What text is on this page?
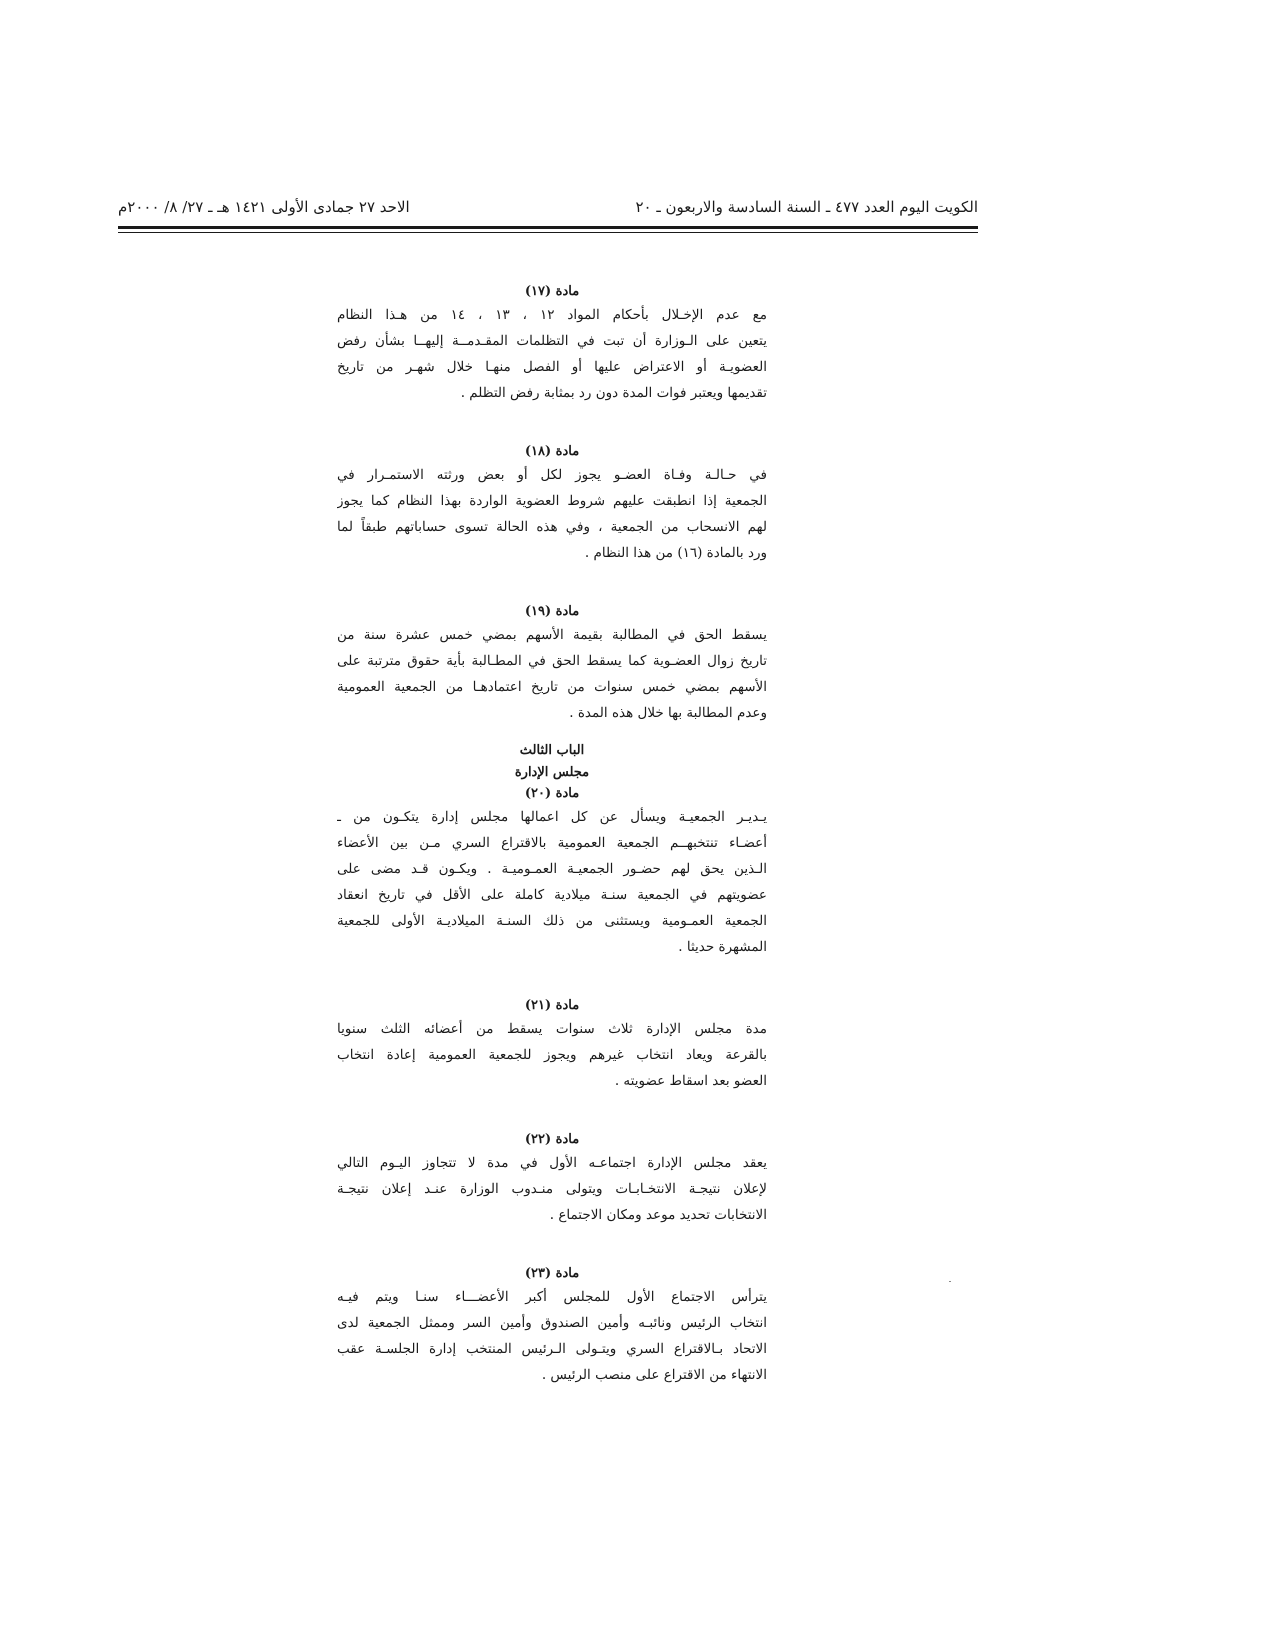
الكويت اليوم العدد ٤٧٧ ـ السنة السادسة والاربعون ـ ٢٠
الاحد ٢٧ جمادى الأولى ١٤٢١ هـ ـ ٢٧/ ٨/ ٢٠٠٠م

مادة (١٧)

مع عدم الإخـلال بأحكام المواد ١٢ ، ١٣ ، ١٤ من هـذا النظام

يتعين على الـوزارة أن تبت في التظلمات المقـدمــة إليهــا بشأن رفض

العضويـة أو الاعتراض عليها أو الفصل منهـا خلال شهـر من تاريخ

تقديمها ويعتبر فوات المدة دون رد بمثابة رفض التظلم .

مادة (١٨)

في حـالـة وفـاة العضـو يجوز لكل أو بعض ورثته الاستمـرار في

الجمعية إذا انطبقت عليهم شروط العضوية الواردة بهذا النظام كما يجوز

لهم الانسحاب من الجمعية ، وفي هذه الحالة تسوى حساباتهم طبقاً لما

ورد بالمادة (١٦) من هذا النظام .

مادة (١٩)

يسقط الحق في المطالبة بقيمة الأسهم بمضي خمس عشرة سنة من

تاريخ زوال العضـوية كما يسقط الحق في المطـالبة بأية حقوق مترتبة على

الأسهم بمضي خمس سنوات من تاريخ اعتمادهـا من الجمعية العمومية

وعدم المطالبة بها خلال هذه المدة .

الباب الثالث

مجلس الإدارة

مادة (٢٠)

يـديـر الجمعيـة ويسأل عن كل اعمالها مجلس إدارة يتكـون من ـ

أعضـاء تنتخبهــم الجمعية العمومية بالاقتراع السري مـن بين الأعضاء

الـذين يحق لهم حضـور الجمعيـة العمـوميـة . ويكـون قـد مضى على

عضويتهم في الجمعية سنـة ميلادية كاملة على الأقل في تاريخ انعقاد

الجمعية العمـومية ويستثنى من ذلك السنـة الميلاديـة الأولى للجمعية

المشهرة حديثا .

مادة (٢١)

مدة مجلس الإدارة ثلاث سنوات يسقط من أعضائه الثلث سنويا

بالقرعة ويعاد انتخاب غيرهم ويجوز للجمعية العمومية إعادة انتخاب

العضو بعد اسقاط عضويته .

مادة (٢٢)

يعقد مجلس الإدارة اجتماعـه الأول في مدة لا تتجاوز اليـوم التالي

لإعلان نتيجـة الانتخـابـات ويتولى منـدوب الوزارة عنـد إعلان نتيجـة

الانتخابات تحديد موعد ومكان الاجتماع .

مادة (٢٣)

يترأس الاجتماع الأول للمجلس أكبر الأعضـــاء سنـا ويتم فيـه

انتخاب الرئيس ونائبـه وأمين الصندوق وأمين السر وممثل الجمعية لدى

الاتحاد بـالاقتراع السري ويتـولى الـرئيس المنتخب إدارة الجلسـة عقب

الانتهاء من الاقتراع على منصب الرئيس .
